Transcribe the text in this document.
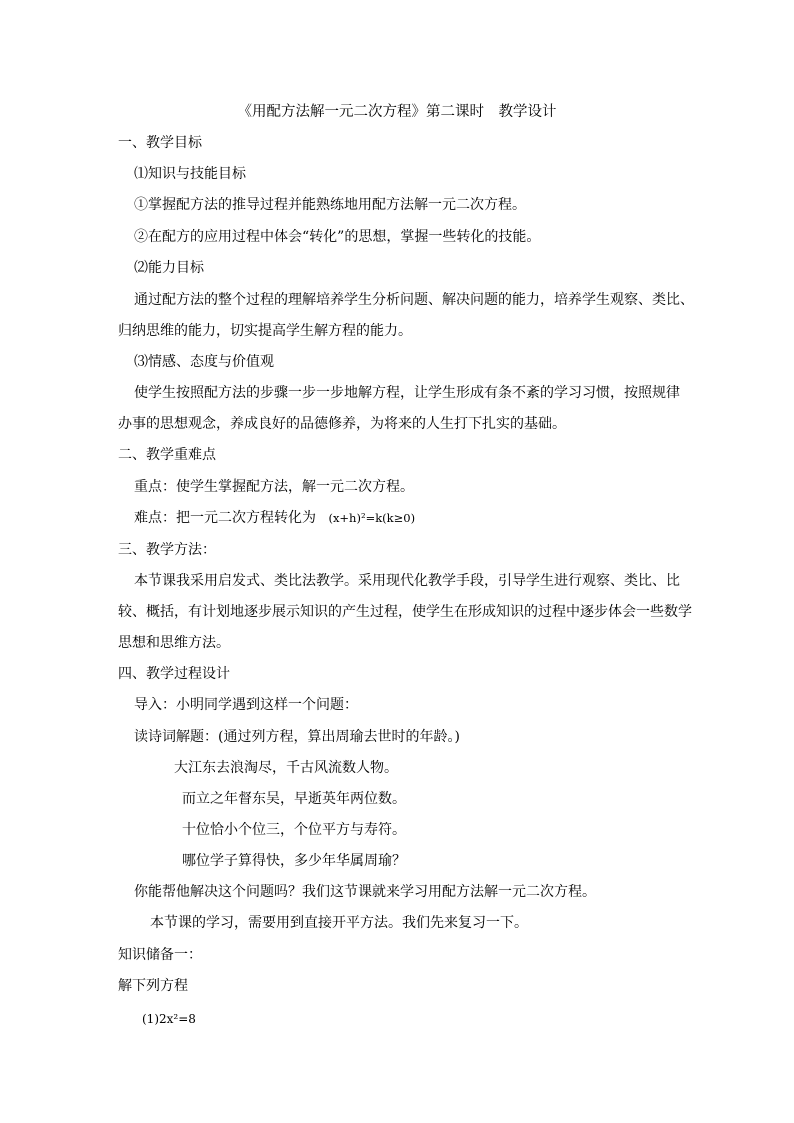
《用配方法解一元二次方程》第二课时　教学设计
一、教学目标
⑴知识与技能目标
①掌握配方法的推导过程并能熟练地用配方法解一元二次方程。
②在配方的应用过程中体会“转化”的思想，掌握一些转化的技能。
⑵能力目标
通过配方法的整个过程的理解培养学生分析问题、解决问题的能力，培养学生观察、类比、
归纳思维的能力，切实提高学生解方程的能力。
⑶情感、态度与价值观
使学生按照配方法的步骤一步一步地解方程，让学生形成有条不紊的学习习惯，按照规律
办事的思想观念，养成良好的品德修养，为将来的人生打下扎实的基础。
二、教学重难点
重点：使学生掌握配方法，解一元二次方程。
难点：把一元二次方程转化为 (x+h)²=k(k≥0)
三、教学方法：
本节课我采用启发式、类比法教学。采用现代化教学手段，引导学生进行观察、类比、比
较、概括，有计划地逐步展示知识的产生过程，使学生在形成知识的过程中逐步体会一些数学
思想和思维方法。
四、教学过程设计
导入：小明同学遇到这样一个问题：
读诗词解题：(通过列方程，算出周瑜去世时的年龄。)
大江东去浪淘尽，千古风流数人物。
而立之年督东吴，早逝英年两位数。
十位恰小个位三，个位平方与寿符。
哪位学子算得快，多少年华属周瑜？
你能帮他解决这个问题吗？我们这节课就来学习用配方法解一元二次方程。
本节课的学习，需要用到直接开平方法。我们先来复习一下。
知识储备一：
解下列方程
(1)2x²=8
